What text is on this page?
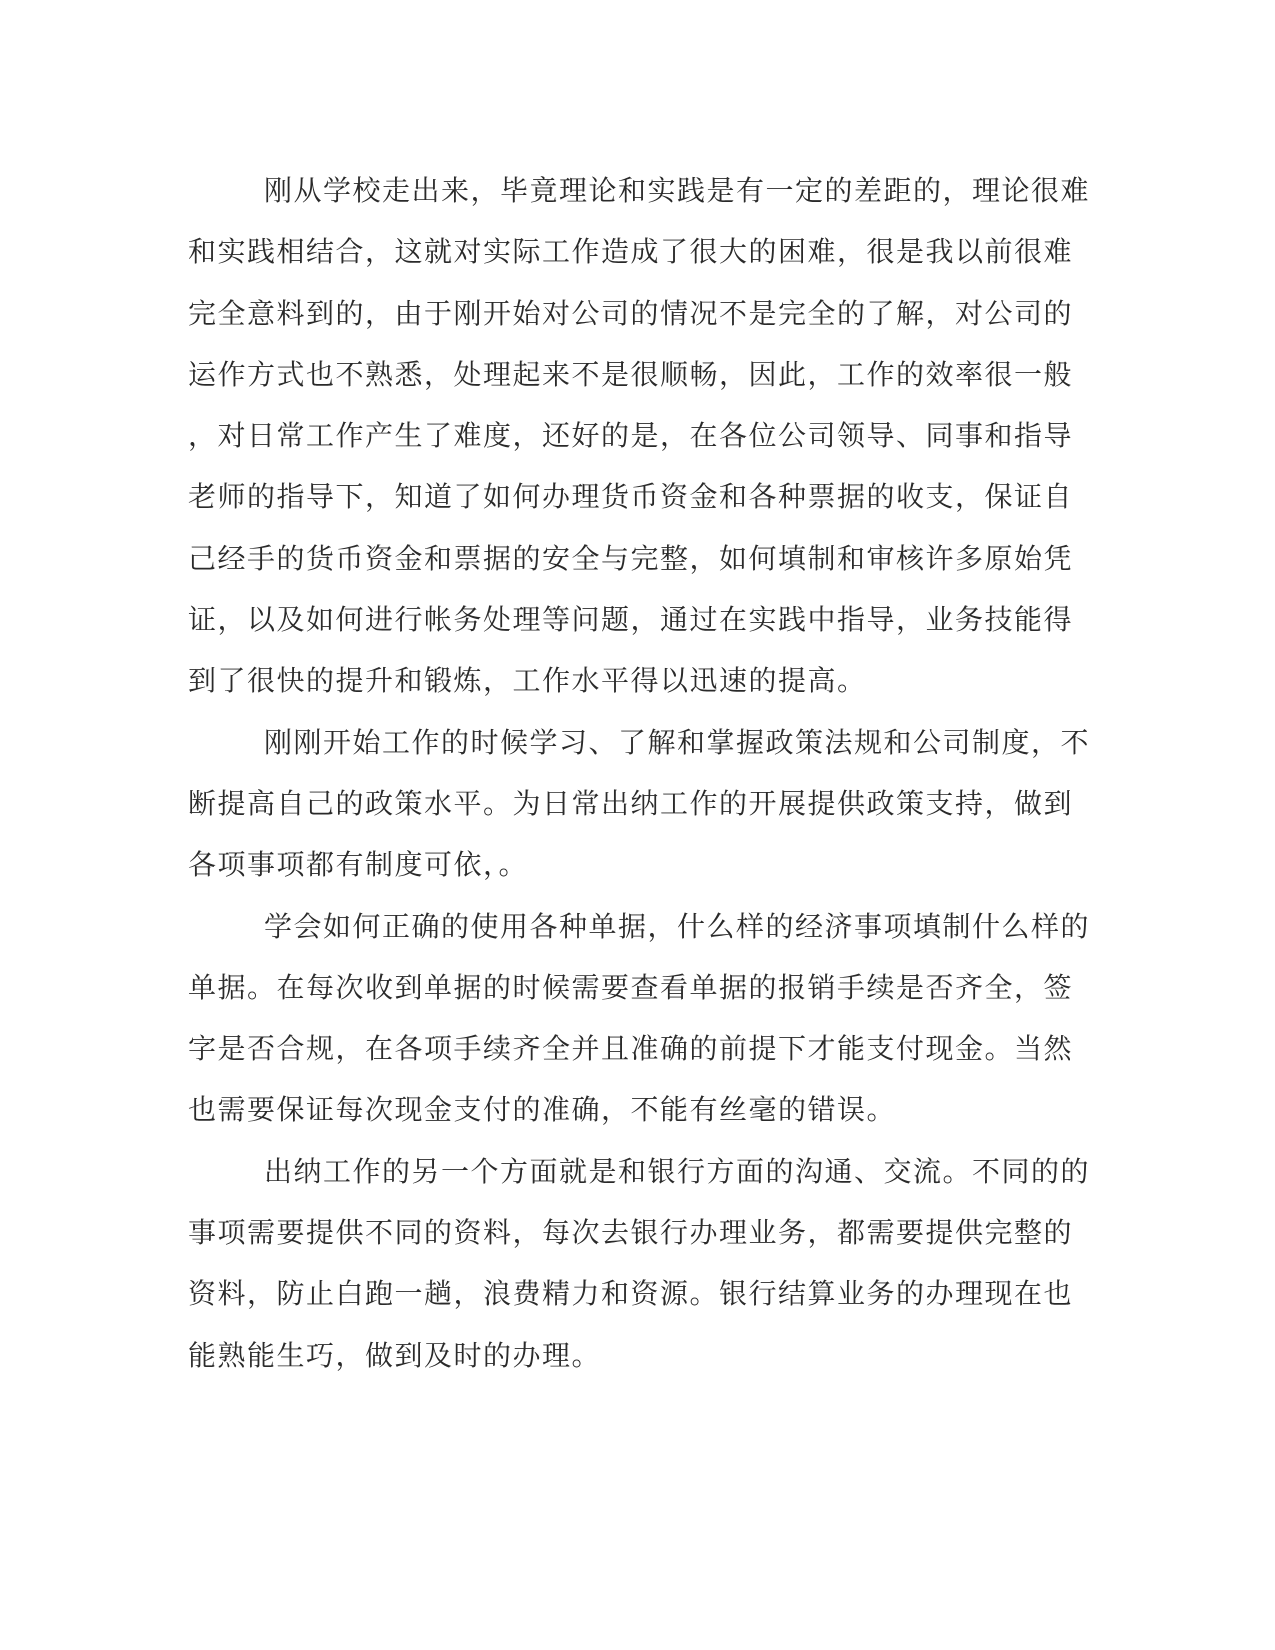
刚从学校走出来，毕竟理论和实践是有一定的差距的，理论很难
和实践相结合，这就对实际工作造成了很大的困难，很是我以前很难
完全意料到的，由于刚开始对公司的情况不是完全的了解，对公司的
运作方式也不熟悉，处理起来不是很顺畅，因此，工作的效率很一般
，对日常工作产生了难度，还好的是，在各位公司领导、同事和指导
老师的指导下，知道了如何办理货币资金和各种票据的收支，保证自
己经手的货币资金和票据的安全与完整，如何填制和审核许多原始凭
证，以及如何进行帐务处理等问题，通过在实践中指导，业务技能得
到了很快的提升和锻炼，工作水平得以迅速的提高。
刚刚开始工作的时候学习、了解和掌握政策法规和公司制度，不
断提高自己的政策水平。为日常出纳工作的开展提供政策支持，做到
各项事项都有制度可依，。
学会如何正确的使用各种单据，什么样的经济事项填制什么样的
单据。在每次收到单据的时候需要查看单据的报销手续是否齐全，签
字是否合规，在各项手续齐全并且准确的前提下才能支付现金。当然
也需要保证每次现金支付的准确，不能有丝毫的错误。
出纳工作的另一个方面就是和银行方面的沟通、交流。不同的的
事项需要提供不同的资料，每次去银行办理业务，都需要提供完整的
资料，防止白跑一趟，浪费精力和资源。银行结算业务的办理现在也
能熟能生巧，做到及时的办理。
